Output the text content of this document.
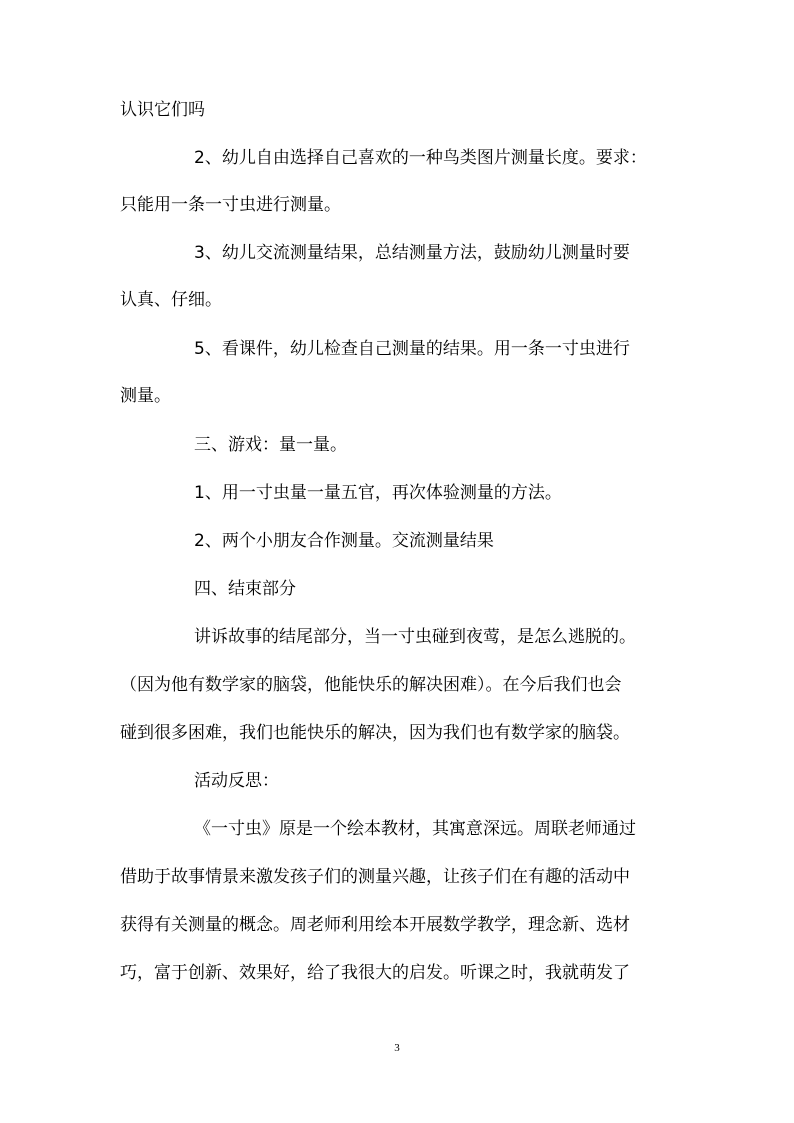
认识它们吗
2、幼儿自由选择自己喜欢的一种鸟类图片测量长度。要求：
只能用一条一寸虫进行测量。
3、幼儿交流测量结果，总结测量方法，鼓励幼儿测量时要
认真、仔细。
5、看课件，幼儿检查自己测量的结果。用一条一寸虫进行
测量。
三、游戏：量一量。
1、用一寸虫量一量五官，再次体验测量的方法。
2、两个小朋友合作测量。交流测量结果
四、结束部分
讲诉故事的结尾部分，当一寸虫碰到夜莺，是怎么逃脱的。
（因为他有数学家的脑袋，他能快乐的解决困难）。在今后我们也会
碰到很多困难，我们也能快乐的解决，因为我们也有数学家的脑袋。
活动反思：
《一寸虫》原是一个绘本教材，其寓意深远。周联老师通过
借助于故事情景来激发孩子们的测量兴趣，让孩子们在有趣的活动中
获得有关测量的概念。周老师利用绘本开展数学教学，理念新、选材
巧，富于创新、效果好，给了我很大的启发。听课之时，我就萌发了
3
